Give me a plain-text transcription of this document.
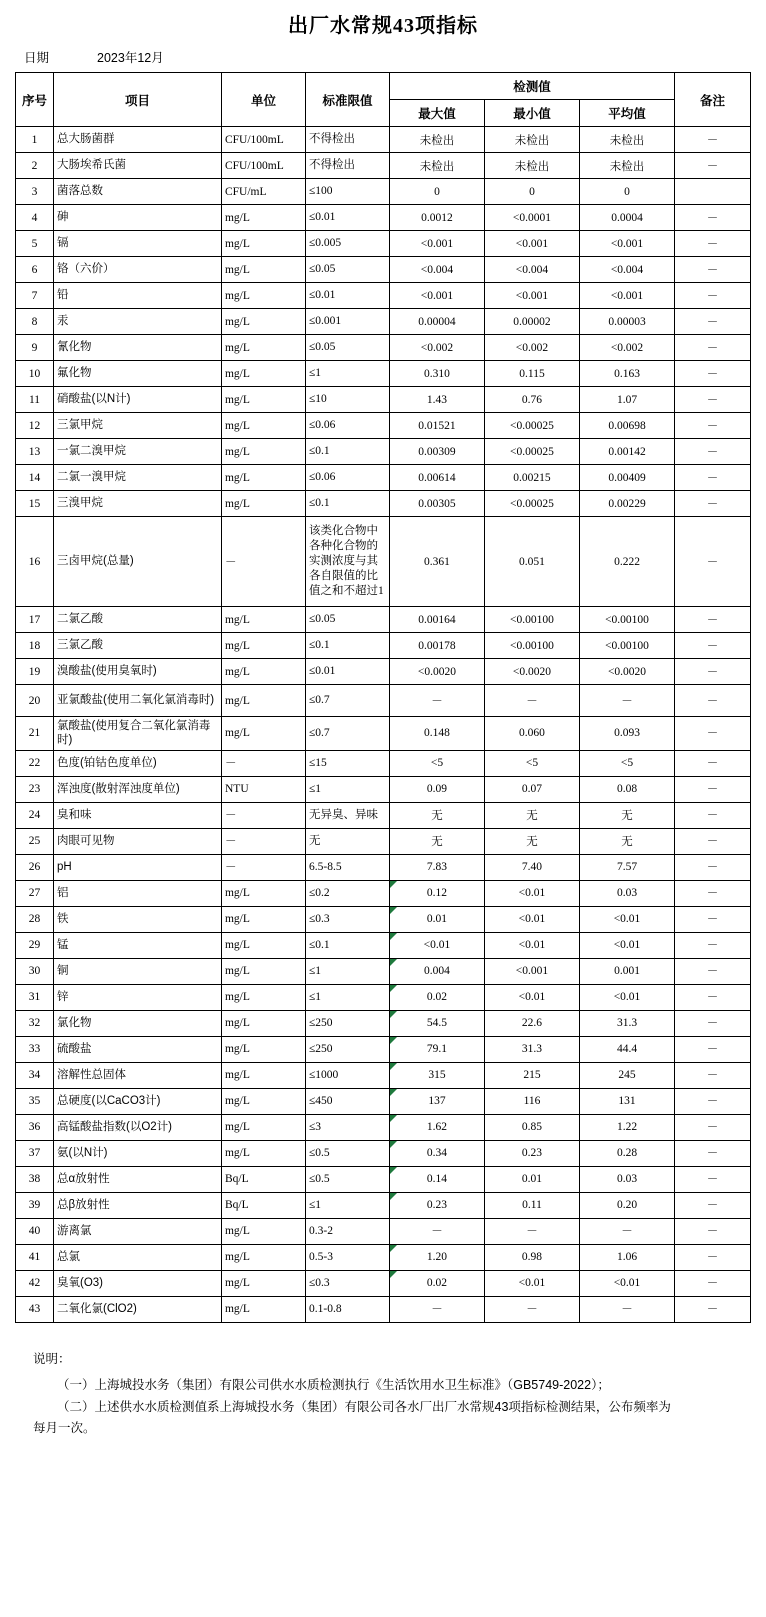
出厂水常规43项指标
日期	2023年12月
序号	项目	单位	标准限值	检测值			备注
				最大值	最小值	平均值	
1	总大肠菌群	CFU/100mL	不得检出	未检出	未检出	未检出	－
2	大肠埃希氏菌	CFU/100mL	不得检出	未检出	未检出	未检出	－
3	菌落总数	CFU/mL	≤100	0	0	0	
4	砷	mg/L	≤0.01	0.0012	<0.0001	0.0004	－
5	镉	mg/L	≤0.005	<0.001	<0.001	<0.001	－
6	铬（六价）	mg/L	≤0.05	<0.004	<0.004	<0.004	－
7	铅	mg/L	≤0.01	<0.001	<0.001	<0.001	－
8	汞	mg/L	≤0.001	0.00004	0.00002	0.00003	－
9	氰化物	mg/L	≤0.05	<0.002	<0.002	<0.002	－
10	氟化物	mg/L	≤1	0.310	0.115	0.163	－
11	硝酸盐(以N计)	mg/L	≤10	1.43	0.76	1.07	－
12	三氯甲烷	mg/L	≤0.06	0.01521	<0.00025	0.00698	－
13	一氯二溴甲烷	mg/L	≤0.1	0.00309	<0.00025	0.00142	－
14	二氯一溴甲烷	mg/L	≤0.06	0.00614	0.00215	0.00409	－
15	三溴甲烷	mg/L	≤0.1	0.00305	<0.00025	0.00229	－
16	三卤甲烷(总量)	－	该类化合物中各种化合物的实测浓度与其各自限值的比值之和不超过1	0.361	0.051	0.222	－
17	二氯乙酸	mg/L	≤0.05	0.00164	<0.00100	<0.00100	－
18	三氯乙酸	mg/L	≤0.1	0.00178	<0.00100	<0.00100	－
19	溴酸盐(使用臭氧时)	mg/L	≤0.01	<0.0020	<0.0020	<0.0020	－
20	亚氯酸盐(使用二氧化氯消毒时)	mg/L	≤0.7	－	－	－	－
21	氯酸盐(使用复合二氧化氯消毒时)	mg/L	≤0.7	0.148	0.060	0.093	－
22	色度(铂钴色度单位)	－	≤15	<5	<5	<5	－
23	浑浊度(散射浑浊度单位)	NTU	≤1	0.09	0.07	0.08	－
24	臭和味	－	无异臭、异味	无	无	无	－
25	肉眼可见物	－	无	无	无	无	－
26	pH	－	6.5-8.5	7.83	7.40	7.57	－
27	铝	mg/L	≤0.2	0.12	<0.01	0.03	－
28	铁	mg/L	≤0.3	0.01	<0.01	<0.01	－
29	锰	mg/L	≤0.1	<0.01	<0.01	<0.01	－
30	铜	mg/L	≤1	0.004	<0.001	0.001	－
31	锌	mg/L	≤1	0.02	<0.01	<0.01	－
32	氯化物	mg/L	≤250	54.5	22.6	31.3	－
33	硫酸盐	mg/L	≤250	79.1	31.3	44.4	－
34	溶解性总固体	mg/L	≤1000	315	215	245	－
35	总硬度(以CaCO3计)	mg/L	≤450	137	116	131	－
36	高锰酸盐指数(以O2计)	mg/L	≤3	1.62	0.85	1.22	－
37	氨(以N计)	mg/L	≤0.5	0.34	0.23	0.28	－
38	总α放射性	Bq/L	≤0.5	0.14	0.01	0.03	－
39	总β放射性	Bq/L	≤1	0.23	0.11	0.20	－
40	游离氯	mg/L	0.3-2	－	－	－	－
41	总氯	mg/L	0.5-3	1.20	0.98	1.06	－
42	臭氧(O3)	mg/L	≤0.3	0.02	<0.01	<0.01	－
43	二氧化氯(ClO2)	mg/L	0.1-0.8	－	－	－	－
说明：

（一）上海城投水务（集团）有限公司供水水质检测执行《生活饮用水卫生标准》（GB5749-2022）；

（二）上述供水水质检测值系上海城投水务（集团）有限公司各水厂出厂水常规43项指标检测结果，公布频率为

每月一次。
